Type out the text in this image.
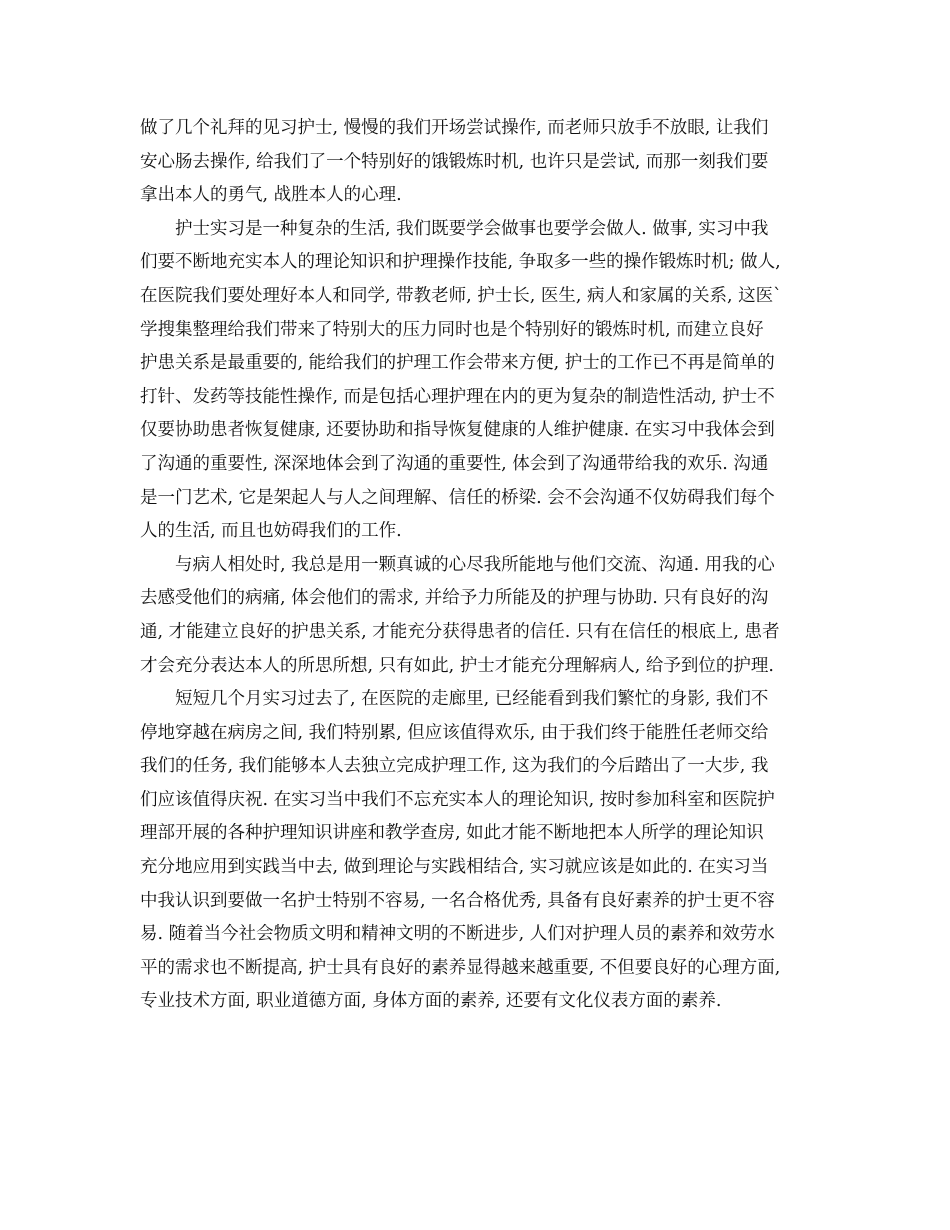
做了几个礼拜的见习护士, 慢慢的我们开场尝试操作, 而老师只放手不放眼, 让我们
安心肠去操作, 给我们了一个特别好的饿锻炼时机, 也许只是尝试, 而那一刻我们要
拿出本人的勇气, 战胜本人的心理.
护士实习是一种复杂的生活, 我们既要学会做事也要学会做人. 做事, 实习中我
们要不断地充实本人的理论知识和护理操作技能, 争取多一些的操作锻炼时机; 做人,
在医院我们要处理好本人和同学, 带教老师, 护士长, 医生, 病人和家属的关系, 这医`
学搜集整理给我们带来了特别大的压力同时也是个特别好的锻炼时机, 而建立良好
护患关系是最重要的, 能给我们的护理工作会带来方便, 护士的工作已不再是简单的
打针、发药等技能性操作, 而是包括心理护理在内的更为复杂的制造性活动, 护士不
仅要协助患者恢复健康, 还要协助和指导恢复健康的人维护健康. 在实习中我体会到
了沟通的重要性, 深深地体会到了沟通的重要性, 体会到了沟通带给我的欢乐. 沟通
是一门艺术, 它是架起人与人之间理解、信任的桥梁. 会不会沟通不仅妨碍我们每个
人的生活, 而且也妨碍我们的工作.
与病人相处时, 我总是用一颗真诚的心尽我所能地与他们交流、沟通. 用我的心
去感受他们的病痛, 体会他们的需求, 并给予力所能及的护理与协助. 只有良好的沟
通, 才能建立良好的护患关系, 才能充分获得患者的信任. 只有在信任的根底上, 患者
才会充分表达本人的所思所想, 只有如此, 护士才能充分理解病人, 给予到位的护理.
短短几个月实习过去了, 在医院的走廊里, 已经能看到我们繁忙的身影, 我们不
停地穿越在病房之间, 我们特别累, 但应该值得欢乐, 由于我们终于能胜任老师交给
我们的任务, 我们能够本人去独立完成护理工作, 这为我们的今后踏出了一大步, 我
们应该值得庆祝. 在实习当中我们不忘充实本人的理论知识, 按时参加科室和医院护
理部开展的各种护理知识讲座和教学查房, 如此才能不断地把本人所学的理论知识
充分地应用到实践当中去, 做到理论与实践相结合, 实习就应该是如此的. 在实习当
中我认识到要做一名护士特别不容易, 一名合格优秀, 具备有良好素养的护士更不容
易. 随着当今社会物质文明和精神文明的不断进步, 人们对护理人员的素养和效劳水
平的需求也不断提高, 护士具有良好的素养显得越来越重要, 不但要良好的心理方面,
专业技术方面, 职业道德方面, 身体方面的素养, 还要有文化仪表方面的素养.
